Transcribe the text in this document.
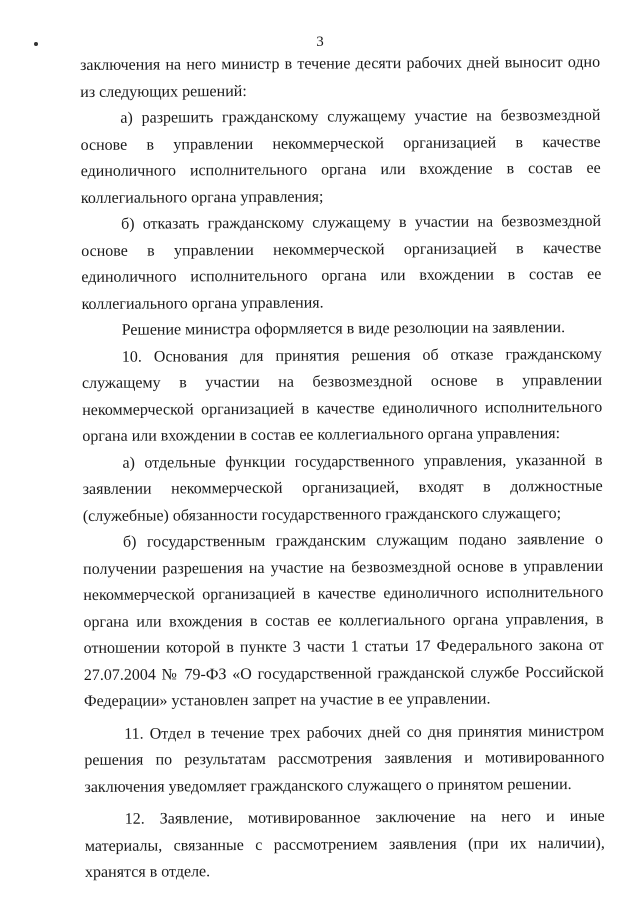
3

заключения на него министр в течение десяти рабочих дней выносит одно из следующих решений:

а) разрешить гражданскому служащему участие на безвозмездной основе в управлении некоммерческой организацией в качестве единоличного исполнительного органа или вхождение в состав ее коллегиального органа управления;

б) отказать гражданскому служащему в участии на безвозмездной основе в управлении некоммерческой организацией в качестве единоличного исполнительного органа или вхождении в состав ее коллегиального органа управления.

Решение министра оформляется в виде резолюции на заявлении.

10. Основания для принятия решения об отказе гражданскому служащему в участии на безвозмездной основе в управлении некоммерческой организацией в качестве единоличного исполнительного органа или вхождении в состав ее коллегиального органа управления:

а) отдельные функции государственного управления, указанной в заявлении некоммерческой организацией, входят в должностные (служебные) обязанности государственного гражданского служащего;

б) государственным гражданским служащим подано заявление о получении разрешения на участие на безвозмездной основе в управлении некоммерческой организацией в качестве единоличного исполнительного органа или вхождения в состав ее коллегиального органа управления, в отношении которой в пункте 3 части 1 статьи 17 Федерального закона от 27.07.2004 № 79-ФЗ «О государственной гражданской службе Российской Федерации» установлен запрет на участие в ее управлении.

11. Отдел в течение трех рабочих дней со дня принятия министром решения по результатам рассмотрения заявления и мотивированного заключения уведомляет гражданского служащего о принятом решении.

12. Заявление, мотивированное заключение на него и иные материалы, связанные с рассмотрением заявления (при их наличии), хранятся в отделе.
